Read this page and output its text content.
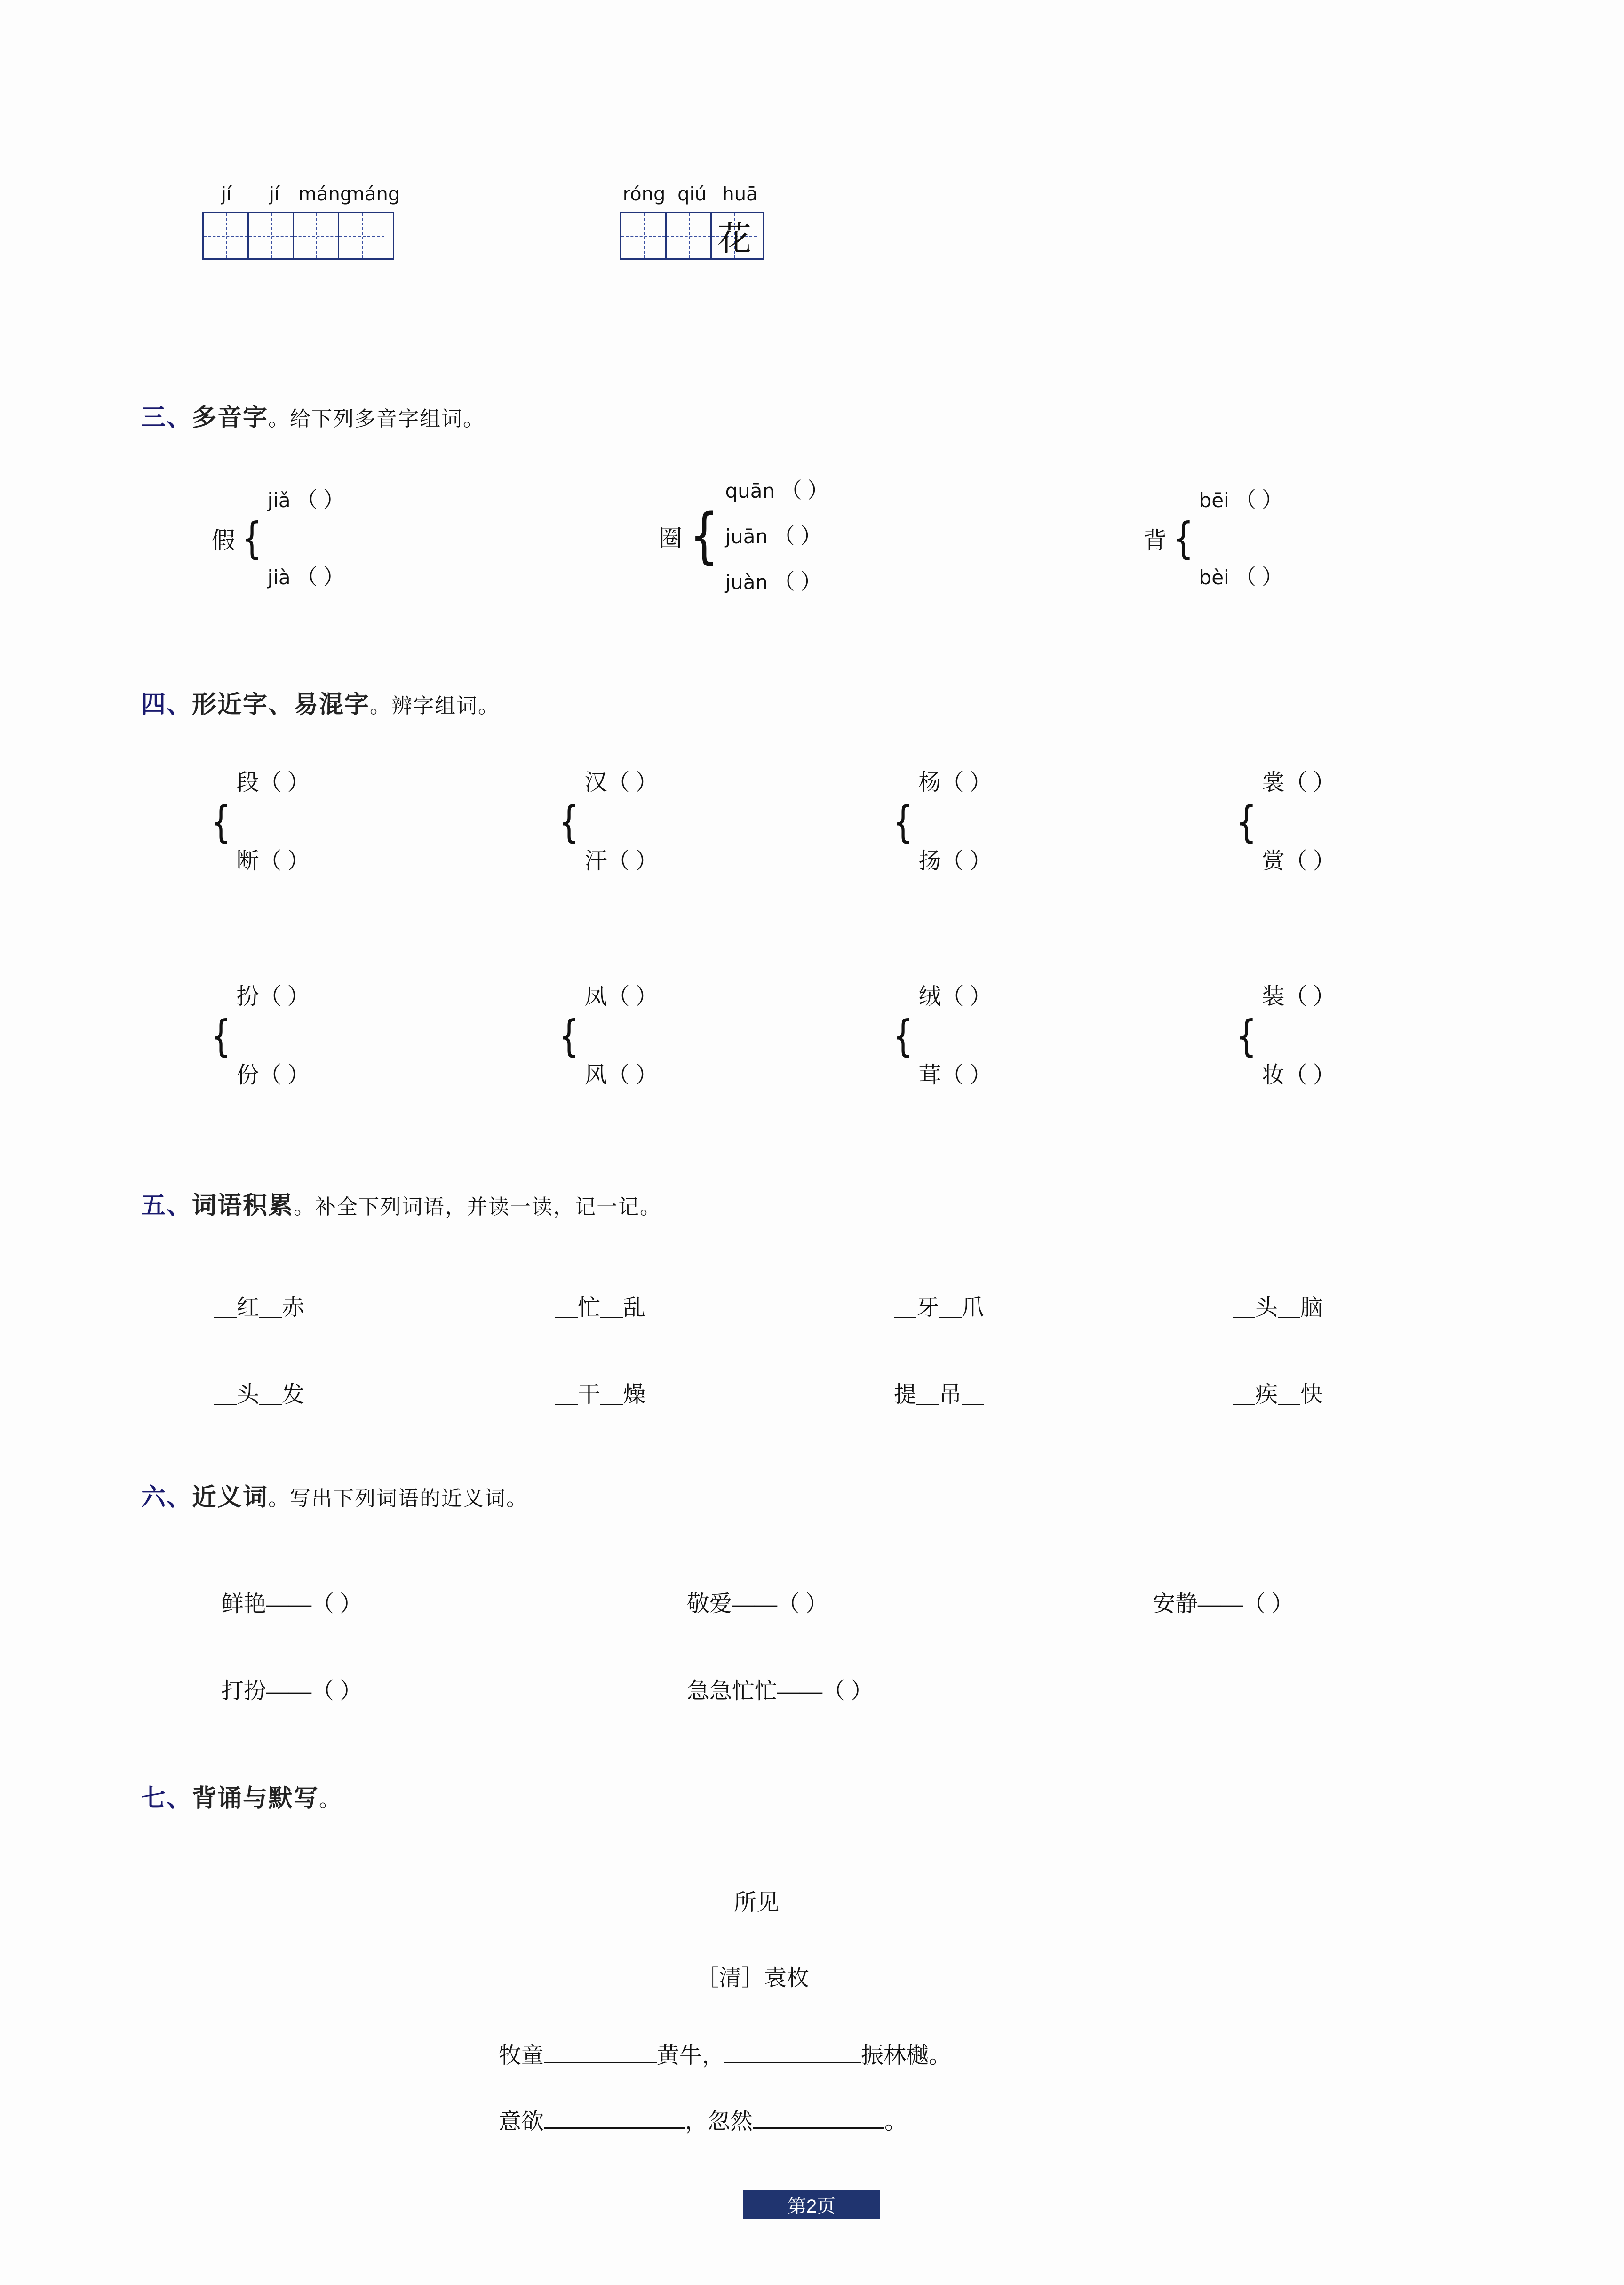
jí	jí máng
máng	róng qiú huā
花
三、多音字。给下列多音字组词。
假 {
jiǎ （ ）
jià （ ）
圈 {
quān （ ）
juān （ ）
juàn （ ）
背 {
bēi （ ）
bèi （ ）
四、形近字、易混字。辨字组词。
{
段（ ）
断（ ）
{
汉（ ）
汗（ ）
{
杨（ ）
扬（ ）
{
裳（ ）
赏（ ）
{
扮（ ）
份（ ）
{
凤（ ）
风（ ）
{
绒（ ）
茸（ ）
{
装（ ）
妆（ ）
五、词语积累。补全下列词语，并读一读，记一记。
＿红＿赤	＿忙＿乱	＿牙＿爪	＿头＿脑
＿头＿发	＿干＿燥	提＿吊＿	＿疾＿快
六、近义词。写出下列词语的近义词。
鲜艳——（ ）	敬爱——（ ）	安静——（ ）
打扮——（ ）	急急忙忙——（ ）
七、背诵与默写。
所见
［清］袁枚
牧童	黄牛，	振林樾。
意欲	，忽然	。
第2页
